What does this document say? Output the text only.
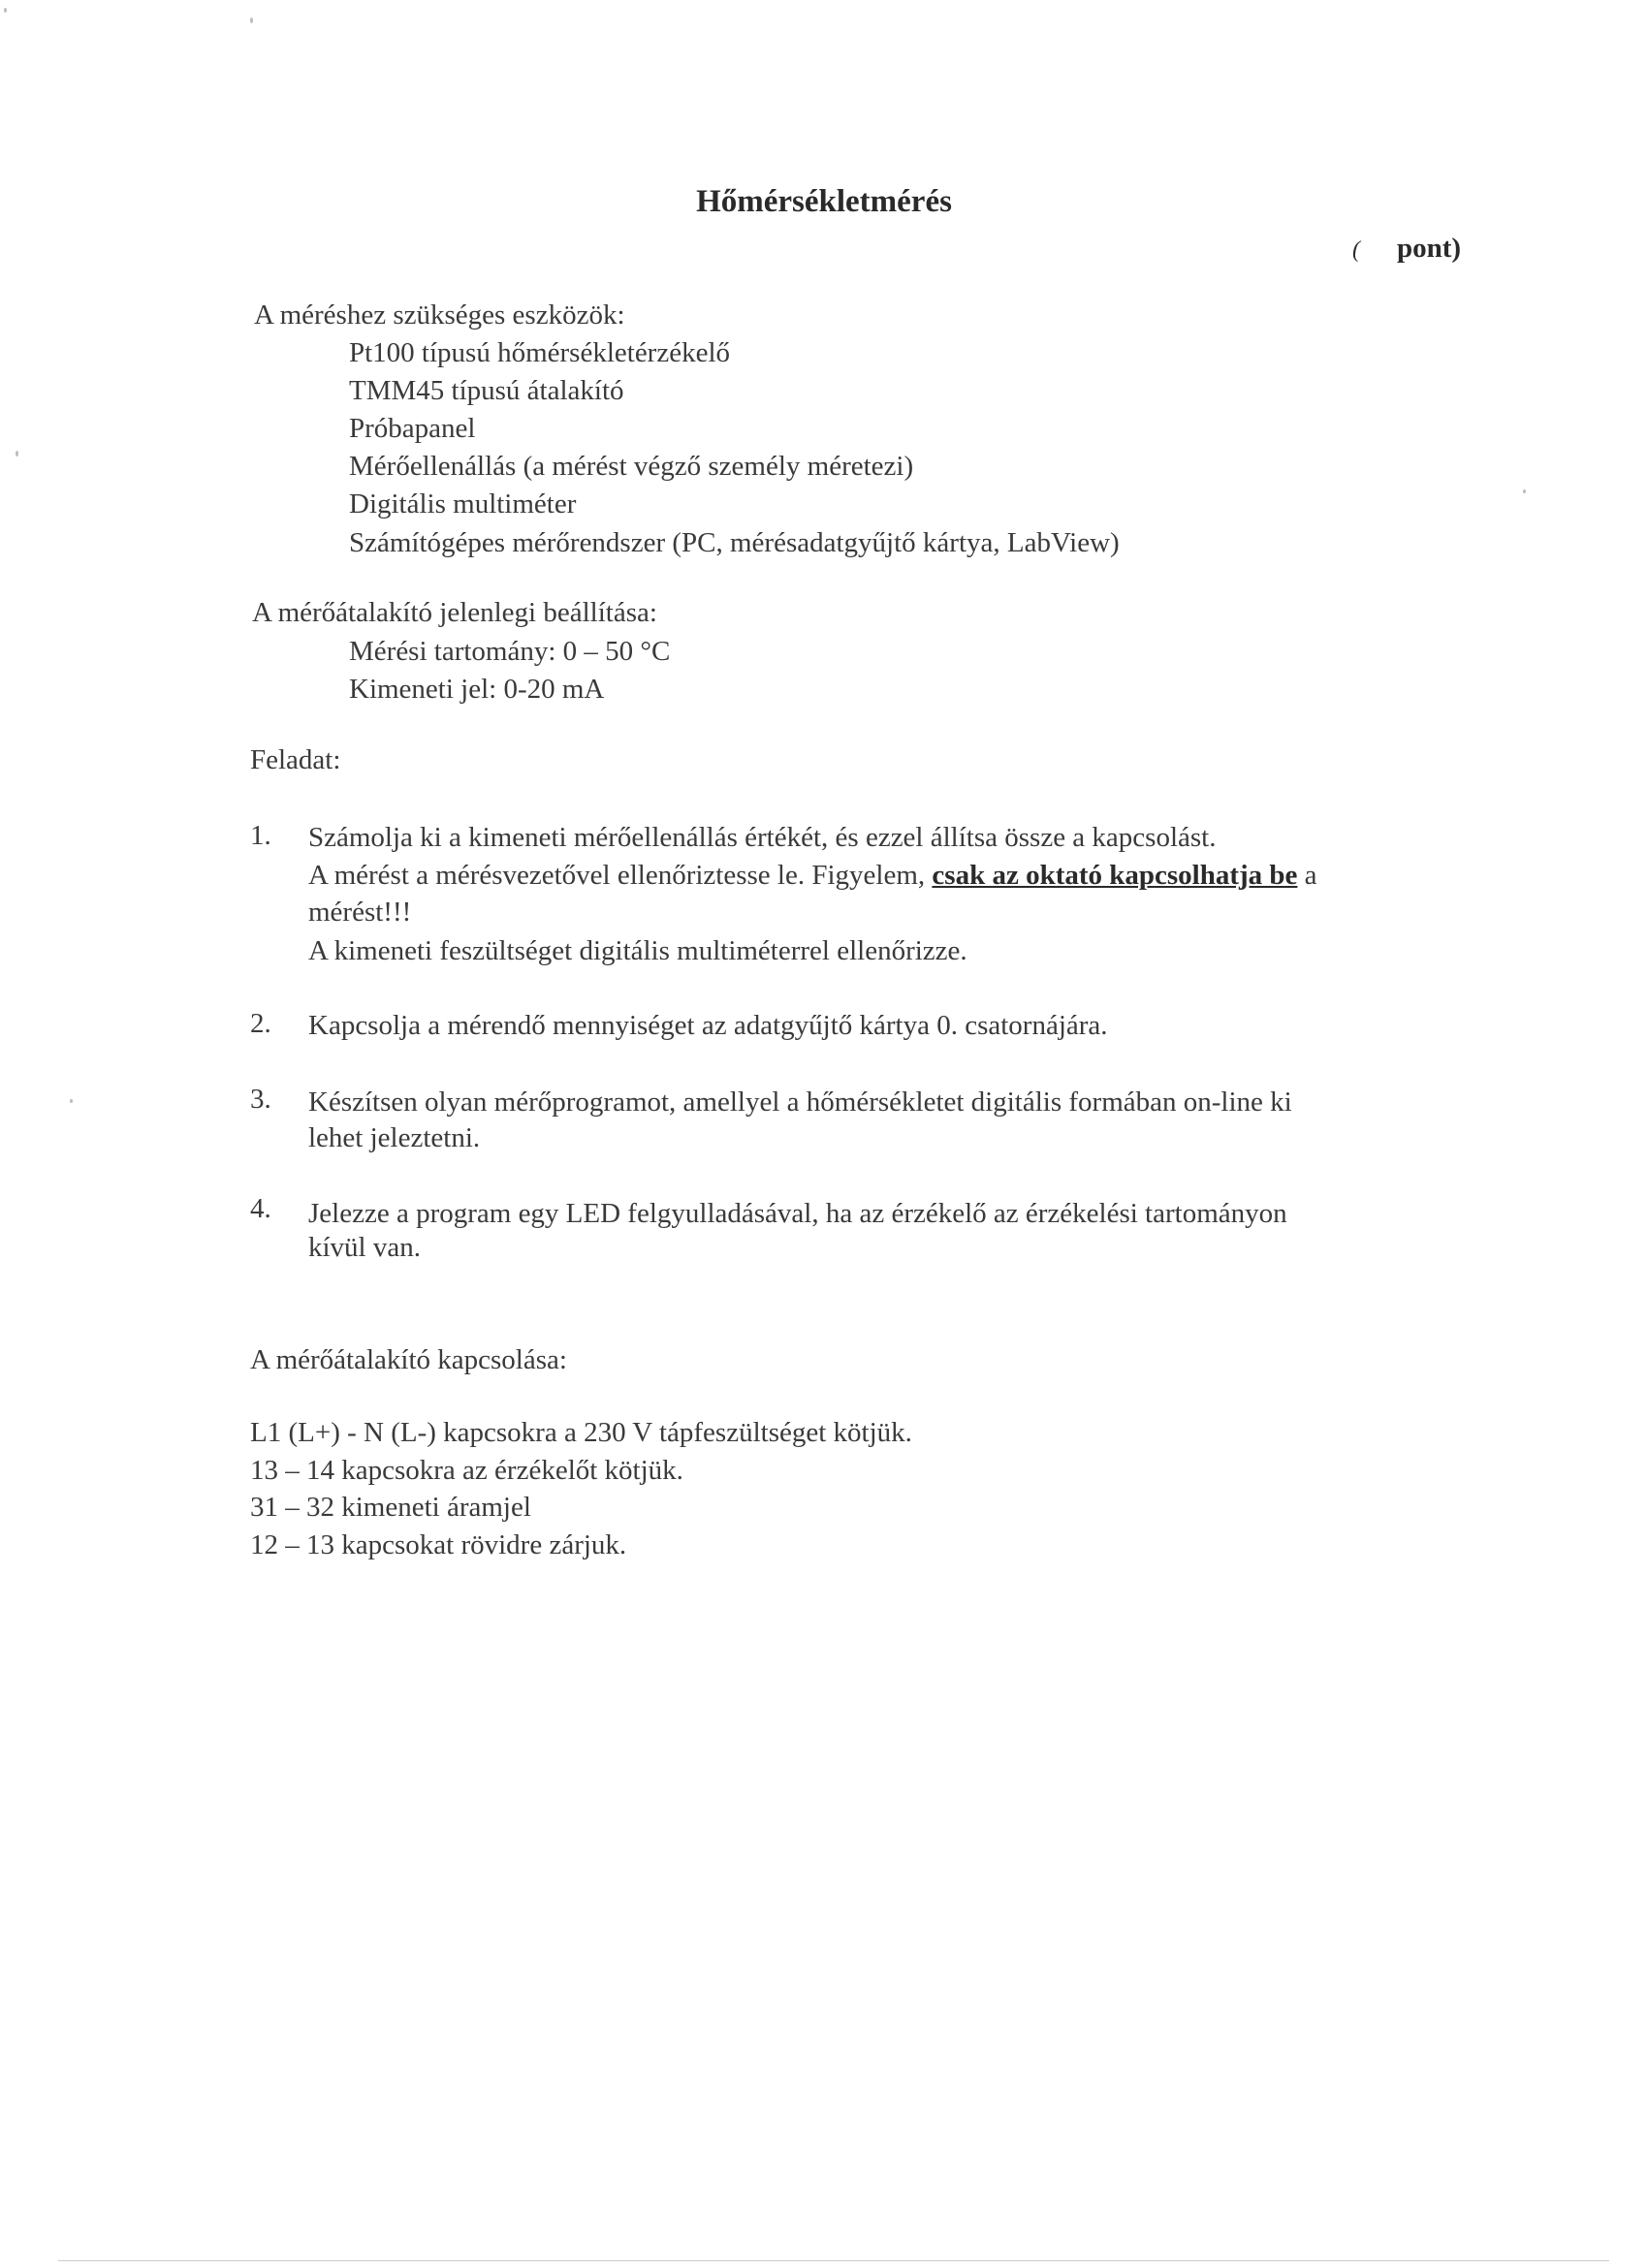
Hőmérsékletmérés
( pont)
A méréshez szükséges eszközök:
Pt100 típusú hőmérsékletérzékelő
TMM45 típusú átalakító
Próbapanel
Mérőellenállás (a mérést végző személy méretezi)
Digitális multiméter
Számítógépes mérőrendszer (PC, mérésadatgyűjtő kártya, LabView)
A mérőátalakító jelenlegi beállítása:
Mérési tartomány: 0 – 50 °C
Kimeneti jel: 0-20 mA
Feladat:
1. Számolja ki a kimeneti mérőellenállás értékét, és ezzel állítsa össze a kapcsolást.
A mérést a mérésvezetővel ellenőriztesse le. Figyelem, csak az oktató kapcsolhatja be a
mérést!!!
A kimeneti feszültséget digitális multiméterrel ellenőrizze.
2. Kapcsolja a mérendő mennyiséget az adatgyűjtő kártya 0. csatornájára.
3. Készítsen olyan mérőprogramot, amellyel a hőmérsékletet digitális formában on-line ki
lehet jeleztetni.
4. Jelezze a program egy LED felgyulladásával, ha az érzékelő az érzékelési tartományon
kívül van.
A mérőátalakító kapcsolása:
L1 (L+) - N (L-) kapcsokra a 230 V tápfeszültséget kötjük.
13 – 14 kapcsokra az érzékelőt kötjük.
31 – 32 kimeneti áramjel
12 – 13 kapcsokat rövidre zárjuk.
